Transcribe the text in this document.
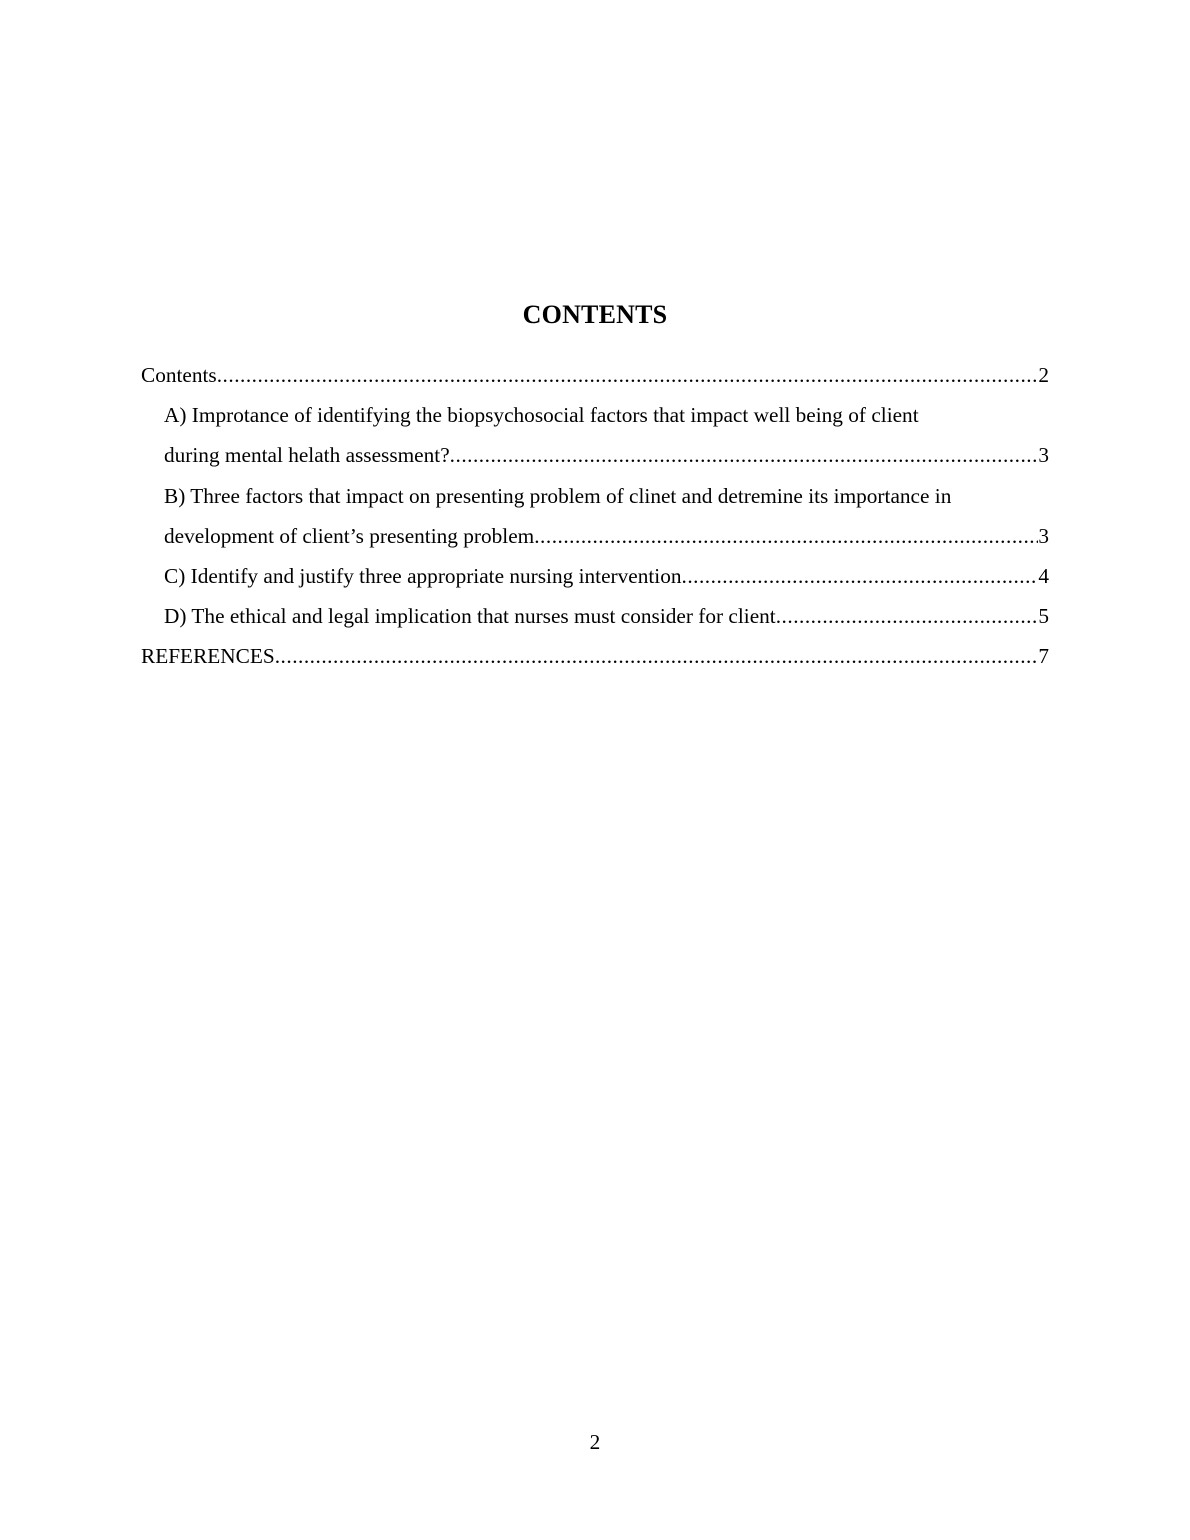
CONTENTS
Contents .....	2
A) Improtance of identifying the biopsychosocial factors that impact well being of client
during mental helath assessment? .....	3
B) Three factors that impact on presenting problem of clinet and detremine its importance in
development of client’s presenting problem .....	3
C) Identify and justify three appropriate nursing intervention .....	4
D) The ethical and legal implication that nurses must consider for client .....	5
REFERENCES .....	7
2
